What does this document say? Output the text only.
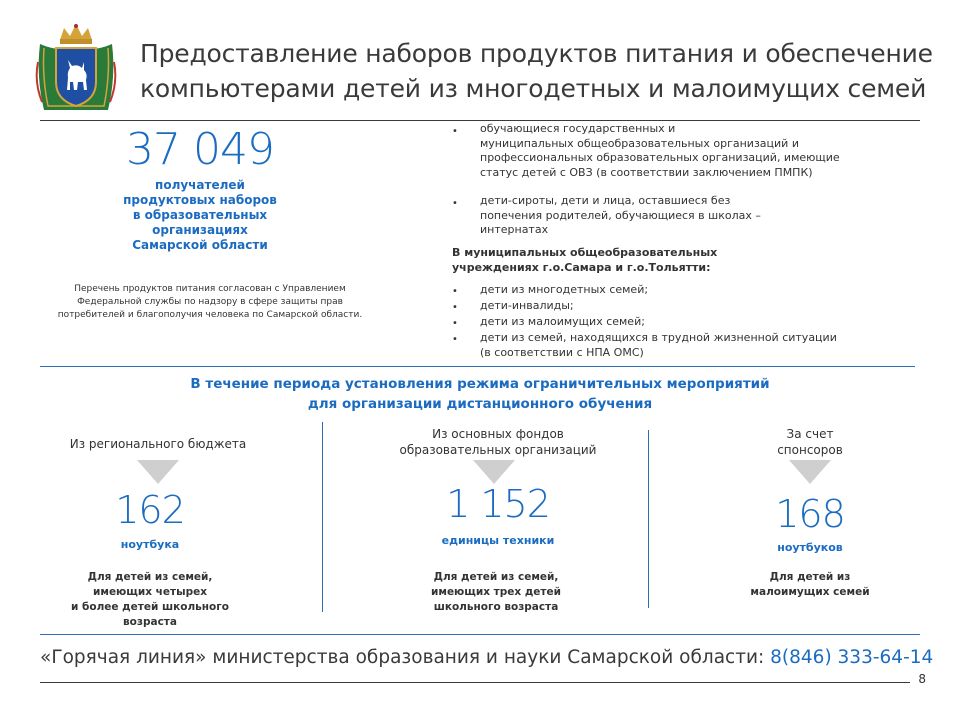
Предоставление наборов продуктов питания и обеспечение
компьютерами детей из многодетных и малоимущих семей
37 049
получателей
продуктовых наборов
в образовательных
организациях
Самарской области
Перечень продуктов питания согласован с Управлением
Федеральной службы по надзору в сфере защиты прав
потребителей и благополучия человека по Самарской области.
• обучающиеся государственных и
муниципальных общеобразовательных организаций и
профессиональных образовательных организаций, имеющие
статус детей с ОВЗ (в соответствии заключением ПМПК)
• дети-сироты, дети и лица, оставшиеся без
попечения родителей, обучающиеся в школах –
интернатах
В муниципальных общеобразовательных
учреждениях г.о.Самара и г.о.Тольятти:
• дети из многодетных семей;
• дети-инвалиды;
• дети из малоимущих семей;
• дети из семей, находящихся в трудной жизненной ситуации
(в соответствии с НПА ОМС)
В течение периода установления режима ограничительных мероприятий
для организации дистанционного обучения
Из регионального бюджета
162
ноутбука
Для детей из семей,
имеющих четырех
и более детей школьного
возраста
Из основных фондов
образовательных организаций
1 152
единицы техники
Для детей из семей,
имеющих трех детей
школьного возраста
За счет
спонсоров
168
ноутбуков
Для детей из
малоимущих семей
«Горячая линия» министерства образования и науки Самарской области: 8(846) 333-64-14
8
